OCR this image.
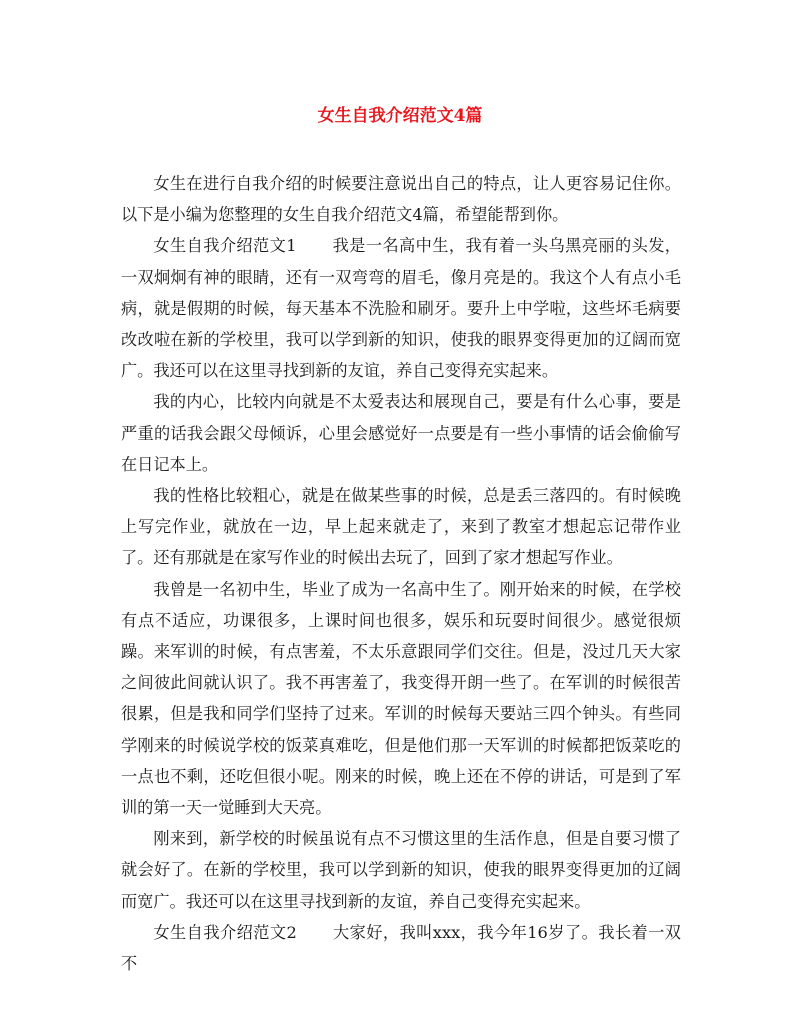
女生自我介绍范文4篇

女生在进行自我介绍的时候要注意说出自己的特点，让人更容易记住你。以下是小编为您整理的女生自我介绍范文4篇，希望能帮到你。

女生自我介绍范文1 我是一名高中生，我有着一头乌黑亮丽的头发，一双炯炯有神的眼睛，还有一双弯弯的眉毛，像月亮是的。我这个人有点小毛病，就是假期的时候，每天基本不洗脸和刷牙。要升上中学啦，这些坏毛病要改改啦在新的学校里，我可以学到新的知识，使我的眼界变得更加的辽阔而宽广。我还可以在这里寻找到新的友谊，养自己变得充实起来。

我的内心，比较内向就是不太爱表达和展现自己，要是有什么心事，要是严重的话我会跟父母倾诉，心里会感觉好一点要是有一些小事情的话会偷偷写在日记本上。

我的性格比较粗心，就是在做某些事的时候，总是丢三落四的。有时候晚上写完作业，就放在一边，早上起来就走了，来到了教室才想起忘记带作业了。还有那就是在家写作业的时候出去玩了，回到了家才想起写作业。

我曾是一名初中生，毕业了成为一名高中生了。刚开始来的时候，在学校有点不适应，功课很多，上课时间也很多，娱乐和玩耍时间很少。感觉很烦躁。来军训的时候，有点害羞，不太乐意跟同学们交往。但是，没过几天大家之间彼此间就认识了。我不再害羞了，我变得开朗一些了。在军训的时候很苦很累，但是我和同学们坚持了过来。军训的时候每天要站三四个钟头。有些同学刚来的时候说学校的饭菜真难吃，但是他们那一天军训的时候都把饭菜吃的一点也不剩，还吃但很小呢。刚来的时候，晚上还在不停的讲话，可是到了军训的第一天一觉睡到大天亮。

刚来到，新学校的时候虽说有点不习惯这里的生活作息，但是自要习惯了就会好了。在新的学校里，我可以学到新的知识，使我的眼界变得更加的辽阔而宽广。我还可以在这里寻找到新的友谊，养自己变得充实起来。

女生自我介绍范文2 大家好，我叫xxx，我今年16岁了。我长着一双不
